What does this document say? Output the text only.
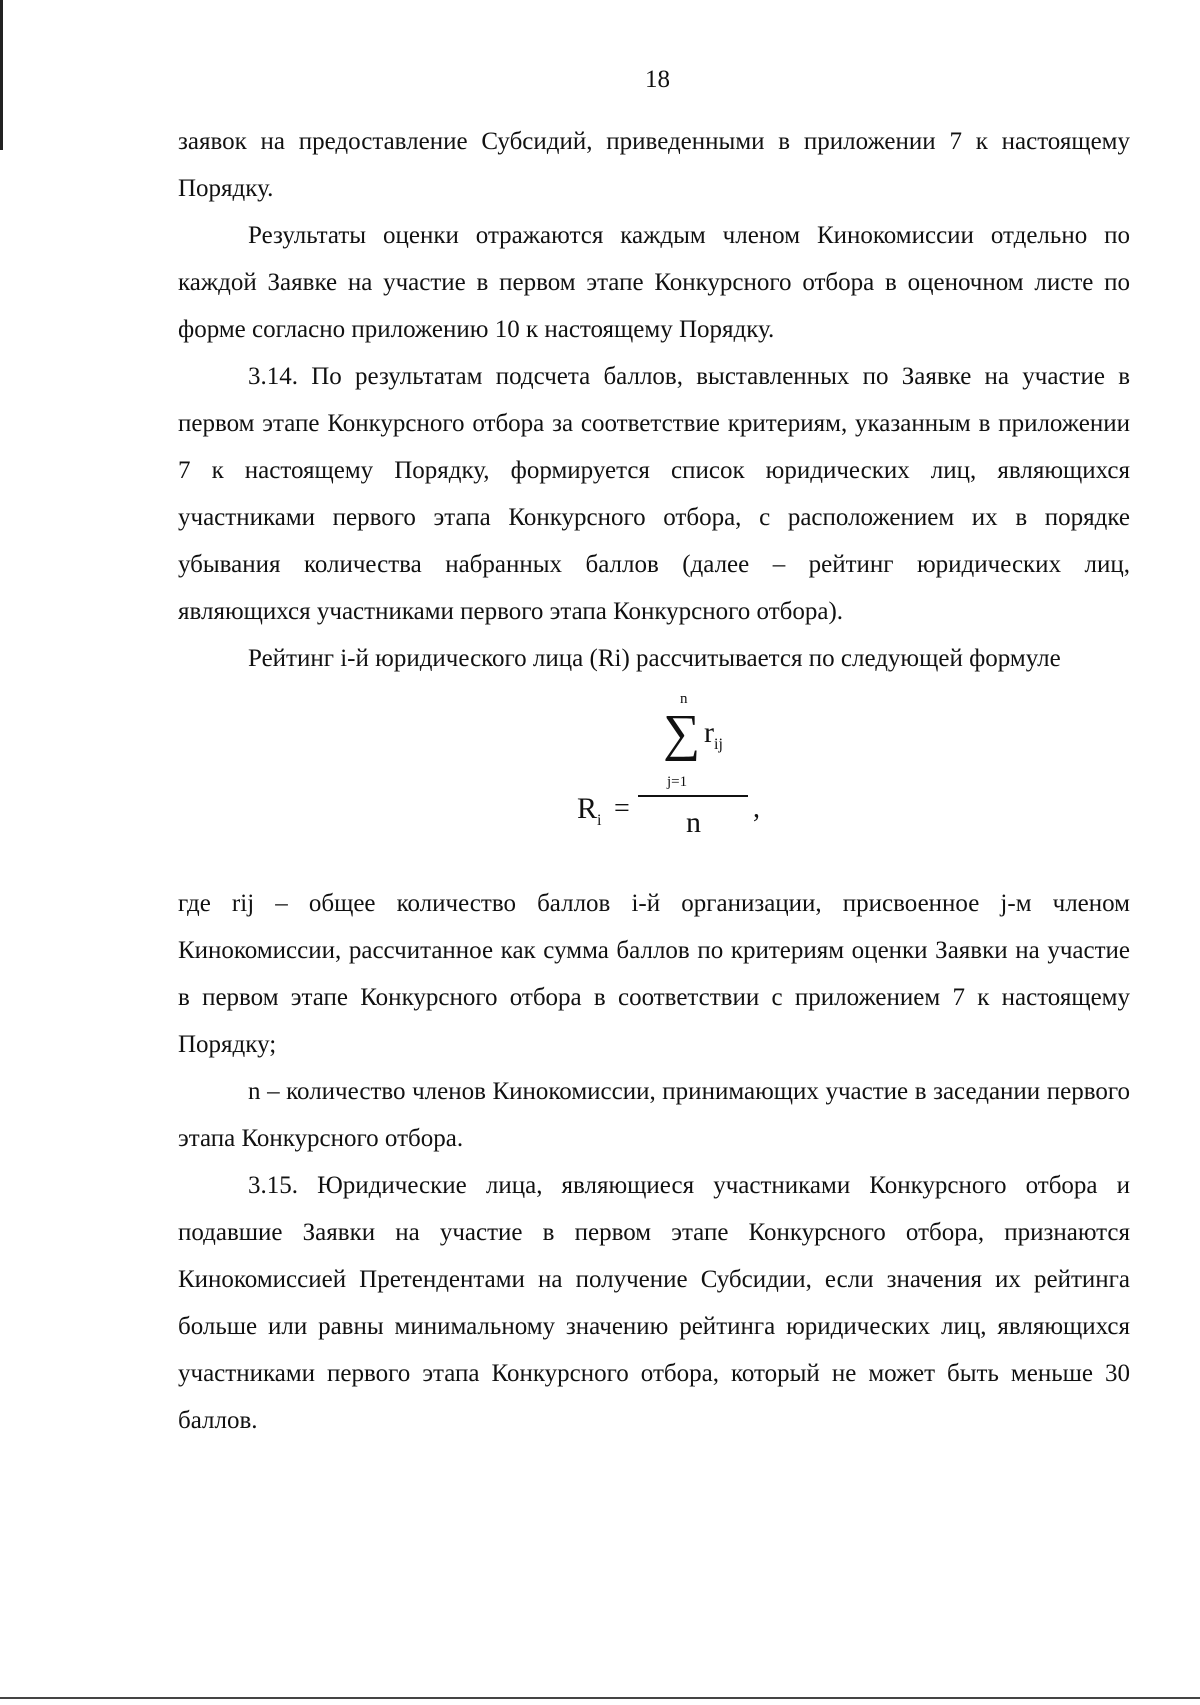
18

заявок на предоставление Субсидий, приведенными в приложении 7 к настоящему Порядку.

Результаты оценки отражаются каждым членом Кинокомиссии отдельно по каждой Заявке на участие в первом этапе Конкурсного отбора в оценочном листе по форме согласно приложению 10 к настоящему Порядку.

3.14. По результатам подсчета баллов, выставленных по Заявке на участие в первом этапе Конкурсного отбора за соответствие критериям, указанным в приложении 7 к настоящему Порядку, формируется список юридических лиц, являющихся участниками первого этапа Конкурсного отбора, с расположением их в порядке убывания количества набранных баллов (далее – рейтинг юридических лиц, являющихся участниками первого этапа Конкурсного отбора).

Рейтинг i-й юридического лица (Ri) рассчитывается по следующей формуле

$R_i$ =
n
∑ $r_{ij}$
j=1
n ,

где rij – общее количество баллов i-й организации, присвоенное j-м членом Кинокомиссии, рассчитанное как сумма баллов по критериям оценки Заявки на участие в первом этапе Конкурсного отбора в соответствии с приложением 7 к настоящему Порядку;

n – количество членов Кинокомиссии, принимающих участие в заседании первого этапа Конкурсного отбора.

3.15. Юридические лица, являющиеся участниками Конкурсного отбора и подавшие Заявки на участие в первом этапе Конкурсного отбора, признаются Кинокомиссией Претендентами на получение Субсидии, если значения их рейтинга больше или равны минимальному значению рейтинга юридических лиц, являющихся участниками первого этапа Конкурсного отбора, который не может быть меньше 30 баллов.
